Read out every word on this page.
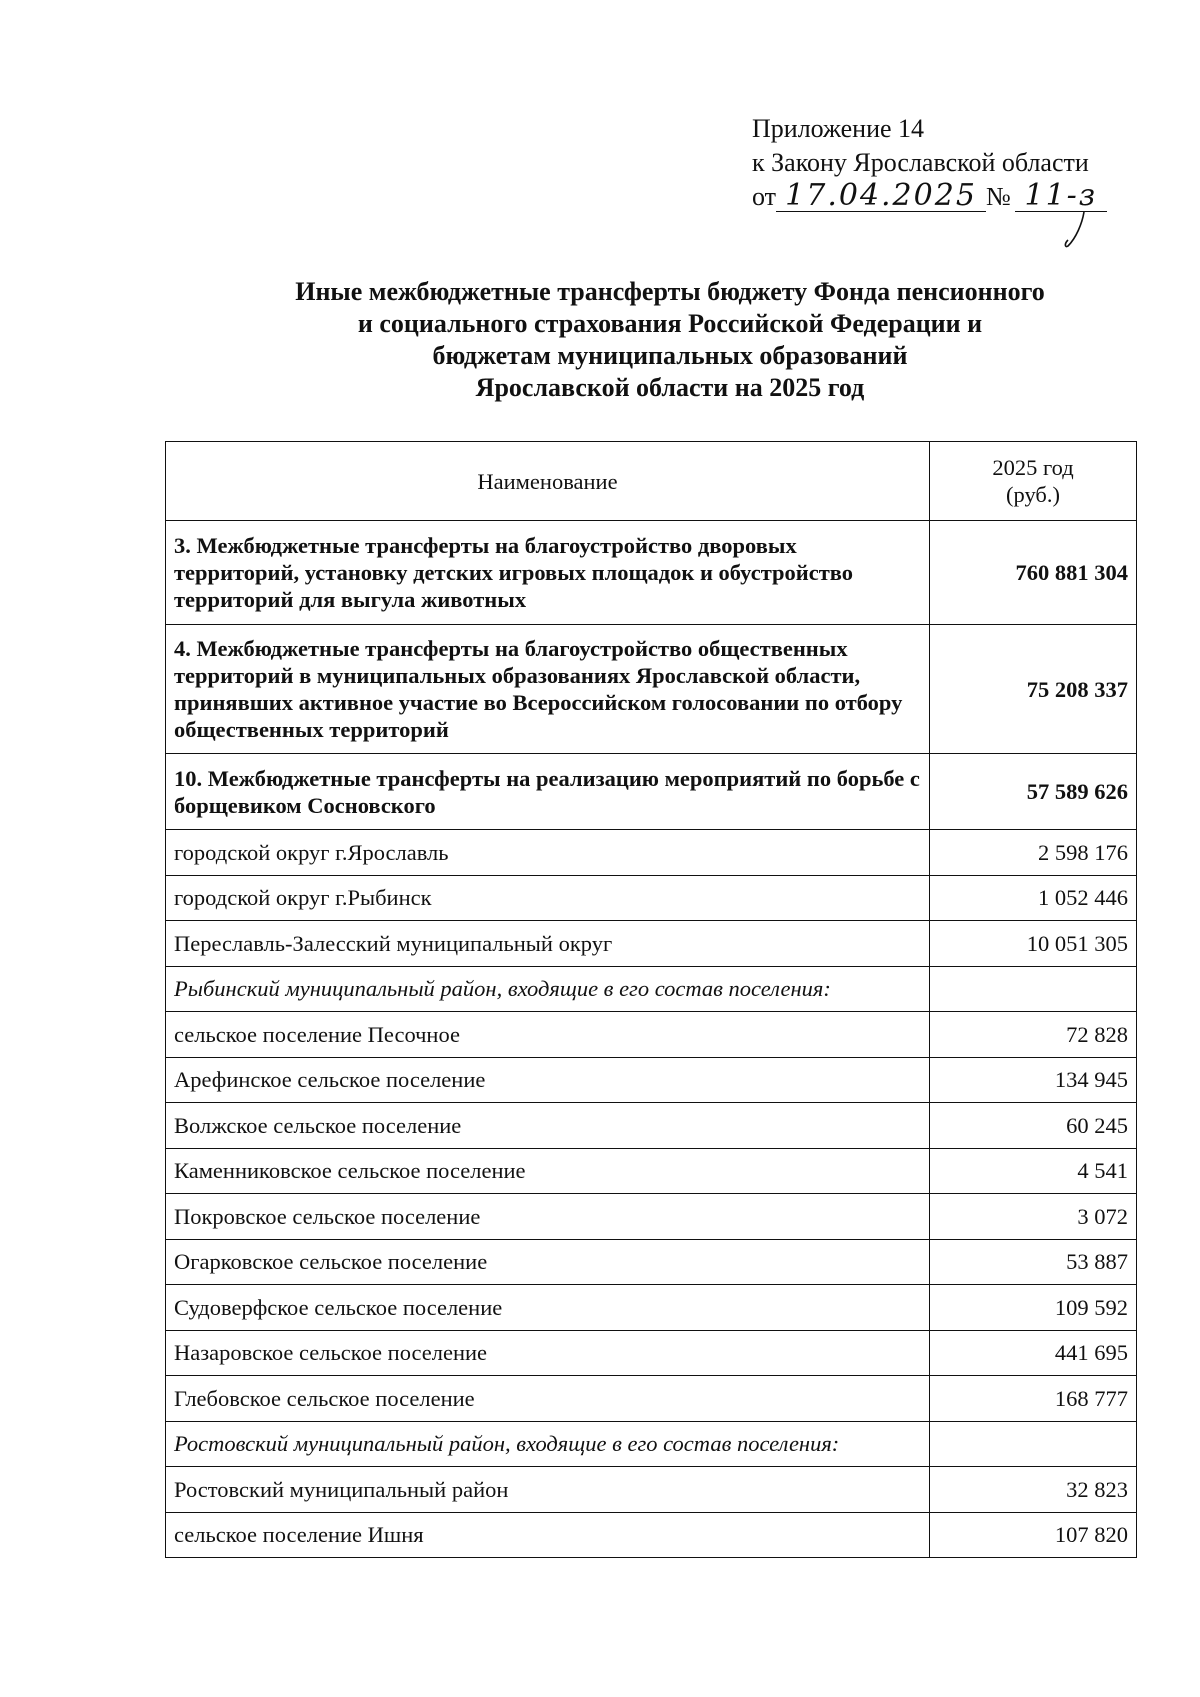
Приложение 14
к Закону Ярославской области
от 17.04.2025 № 11-з
Иные межбюджетные трансферты бюджету Фонда пенсионного
и социального страхования Российской Федерации и
бюджетам муниципальных образований
Ярославской области на 2025 год
Наименование	2025 год
(руб.)
3. Межбюджетные трансферты на благоустройство дворовых территорий, установку детских игровых площадок и обустройство территорий для выгула животных	760 881 304
4. Межбюджетные трансферты на благоустройство общественных территорий в муниципальных образованиях Ярославской области, принявших активное участие во Всероссийском голосовании по отбору общественных территорий	75 208 337
10. Межбюджетные трансферты на реализацию мероприятий по борьбе с борщевиком Сосновского	57 589 626
городской округ г.Ярославль	2 598 176
городской округ г.Рыбинск	1 052 446
Переславль-Залесский муниципальный округ	10 051 305
Рыбинский муниципальный район, входящие в его состав поселения:	
сельское поселение Песочное	72 828
Арефинское сельское поселение	134 945
Волжское сельское поселение	60 245
Каменниковское сельское поселение	4 541
Покровское сельское поселение	3 072
Огарковское сельское поселение	53 887
Судоверфское сельское поселение	109 592
Назаровское сельское поселение	441 695
Глебовское сельское поселение	168 777
Ростовский муниципальный район, входящие в его состав поселения:	
Ростовский муниципальный район	32 823
сельское поселение Ишня	107 820
